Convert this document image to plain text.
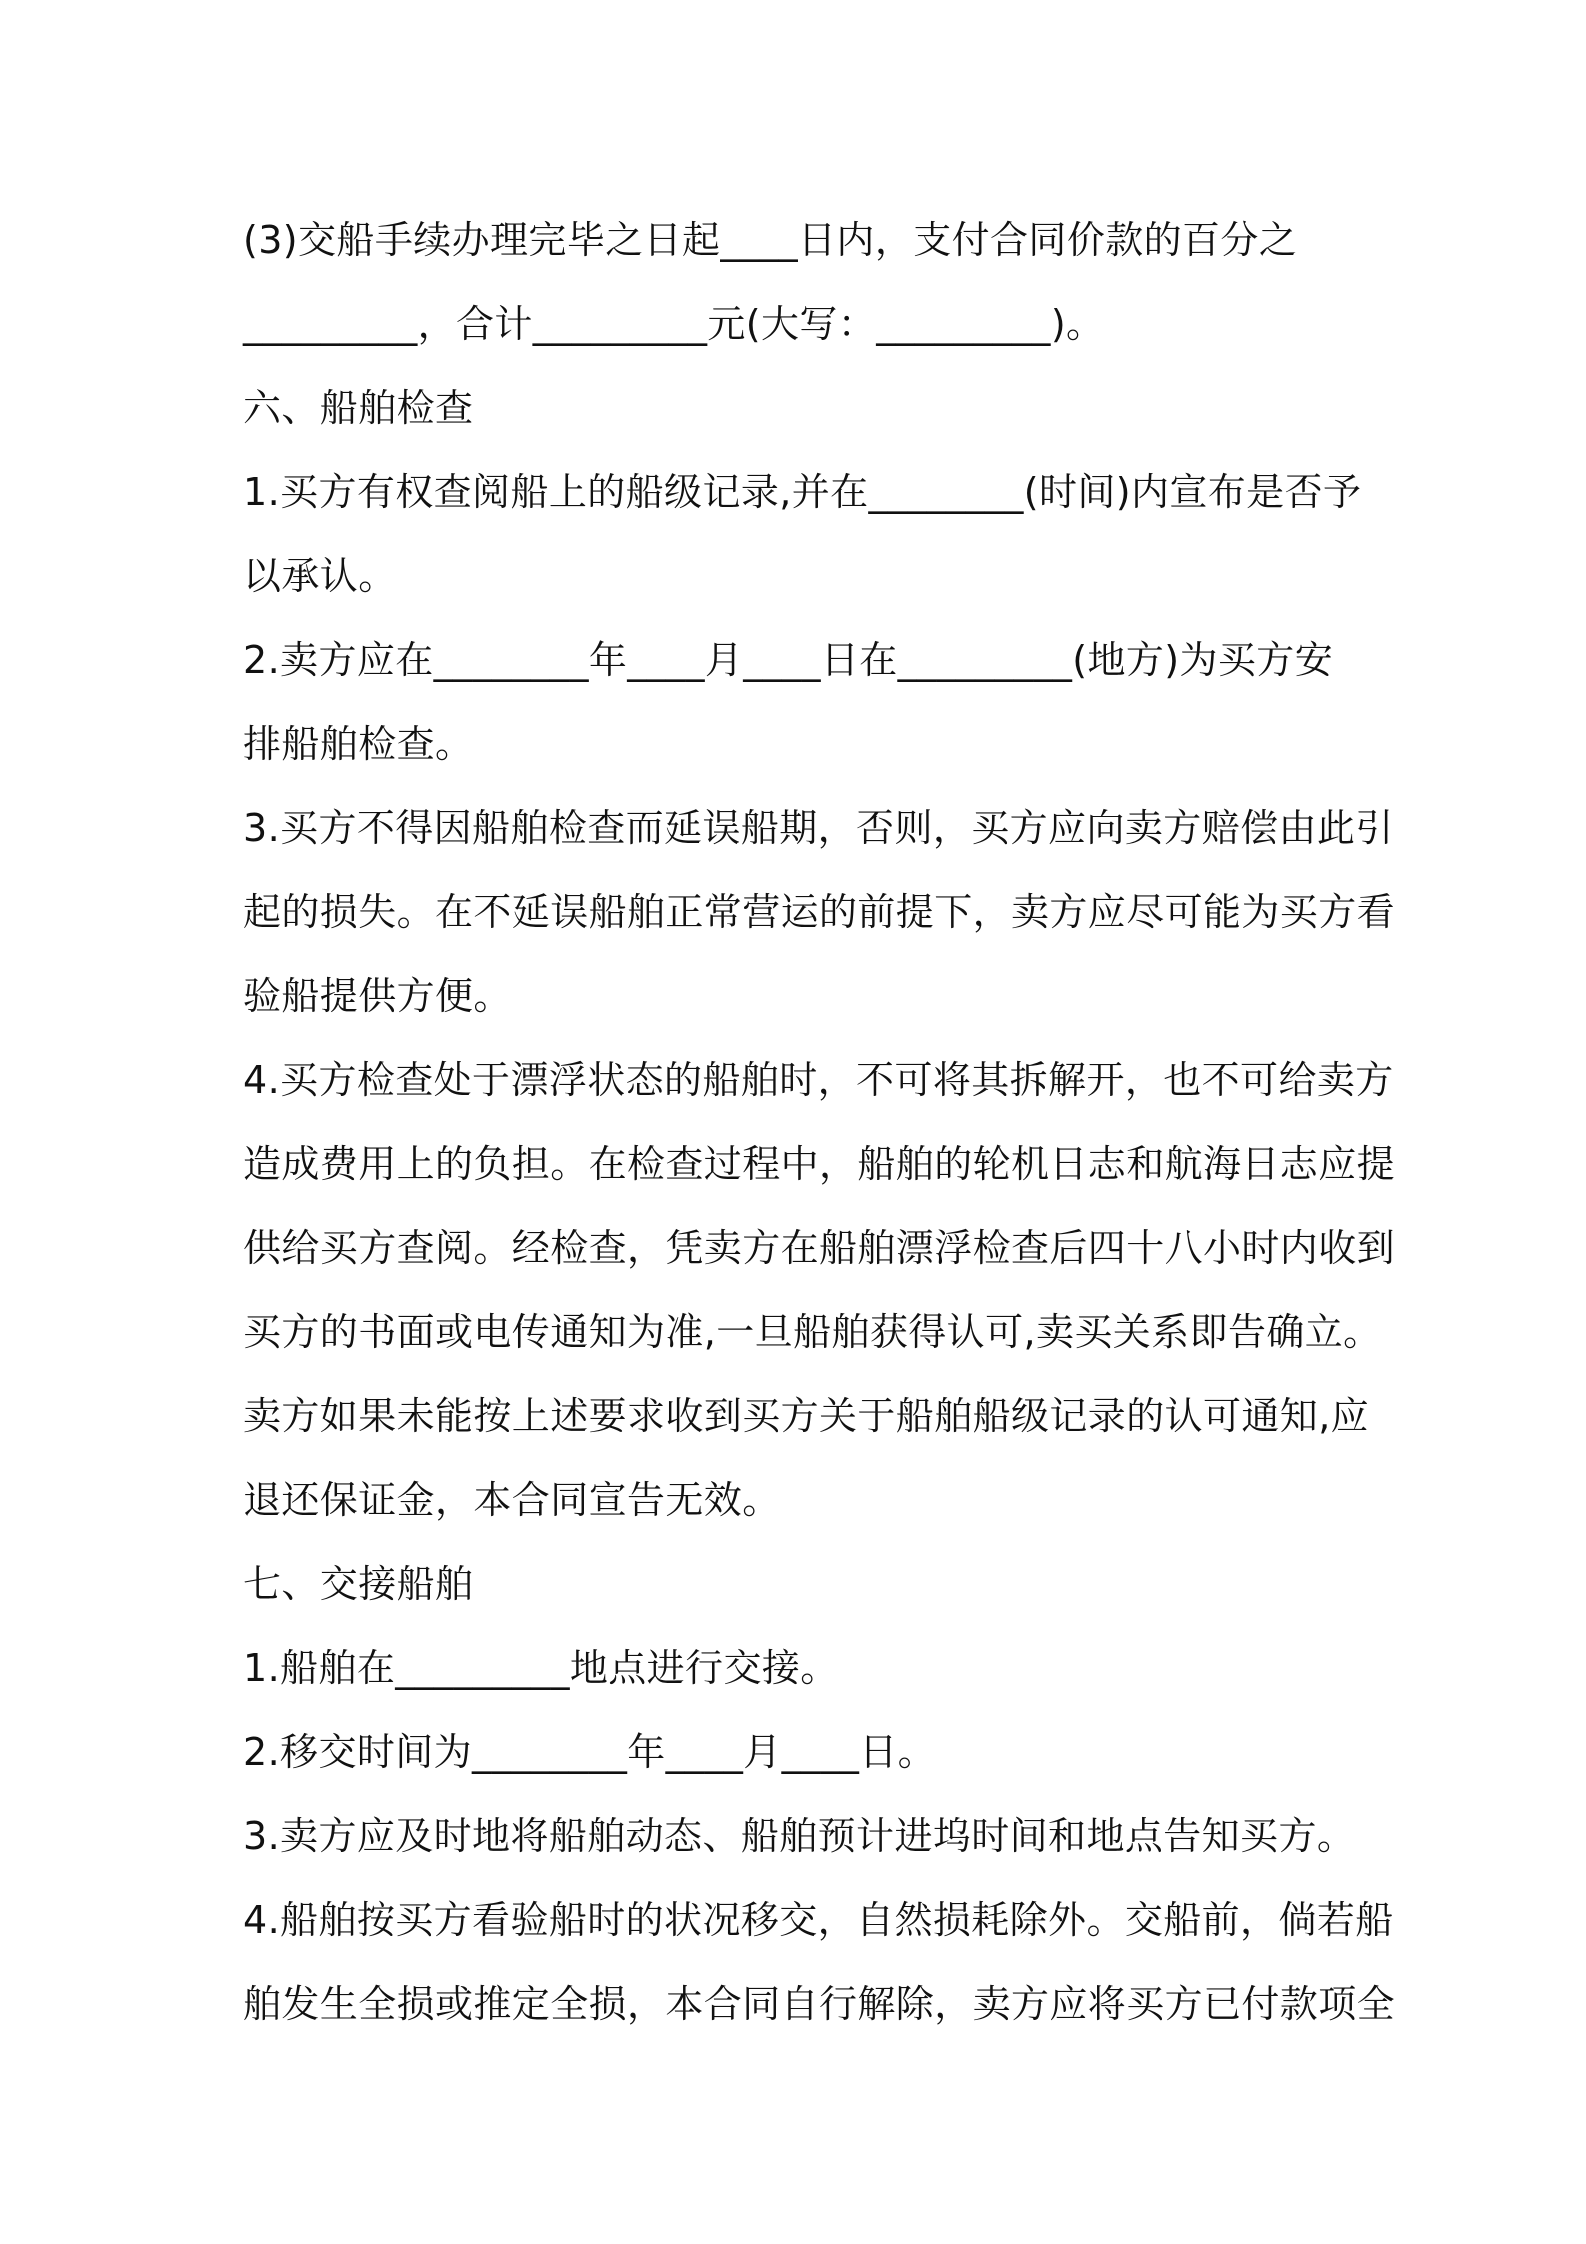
(3)交船手续办理完毕之日起____日内，支付合同价款的百分之
_________，合计_________元(大写：_________)。
六、船舶检查
1.买方有权查阅船上的船级记录,并在________(时间)内宣布是否予
以承认。
2.卖方应在________年____月____日在_________(地方)为买方安
排船舶检查。
3.买方不得因船舶检查而延误船期，否则，买方应向卖方赔偿由此引
起的损失。在不延误船舶正常营运的前提下，卖方应尽可能为买方看
验船提供方便。
4.买方检查处于漂浮状态的船舶时，不可将其拆解开，也不可给卖方
造成费用上的负担。在检查过程中，船舶的轮机日志和航海日志应提
供给买方查阅。经检查，凭卖方在船舶漂浮检查后四十八小时内收到
买方的书面或电传通知为准,一旦船舶获得认可,卖买关系即告确立。
卖方如果未能按上述要求收到买方关于船舶船级记录的认可通知,应
退还保证金，本合同宣告无效。
七、交接船舶
1.船舶在_________地点进行交接。
2.移交时间为________年____月____日。
3.卖方应及时地将船舶动态、船舶预计进坞时间和地点告知买方。
4.船舶按买方看验船时的状况移交，自然损耗除外。交船前，倘若船
舶发生全损或推定全损，本合同自行解除，卖方应将买方已付款项全
